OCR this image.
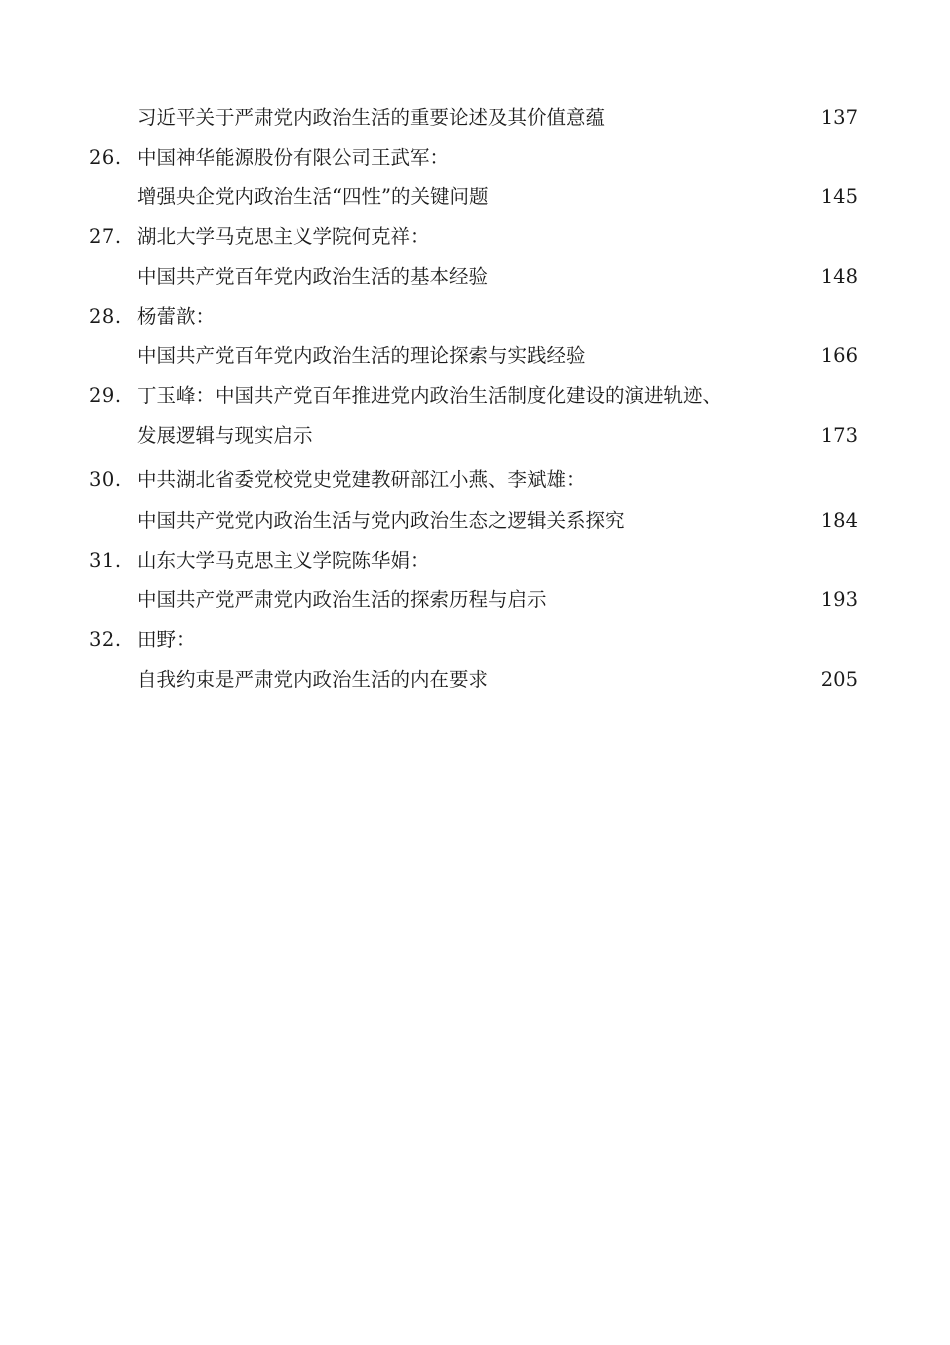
习近平关于严肃党内政治生活的重要论述及其价值意蕴	137
26. 中国神华能源股份有限公司王武军：
增强央企党内政治生活“四性”的关键问题	145
27. 湖北大学马克思主义学院何克祥：
中国共产党百年党内政治生活的基本经验	148
28. 杨蕾歆：
中国共产党百年党内政治生活的理论探索与实践经验	166
29. 丁玉峰：中国共产党百年推进党内政治生活制度化建设的演进轨迹、
发展逻辑与现实启示	173
30. 中共湖北省委党校党史党建教研部江小燕、李斌雄：
中国共产党党内政治生活与党内政治生态之逻辑关系探究	184
31. 山东大学马克思主义学院陈华娟：
中国共产党严肃党内政治生活的探索历程与启示	193
32. 田野：
自我约束是严肃党内政治生活的内在要求	205
